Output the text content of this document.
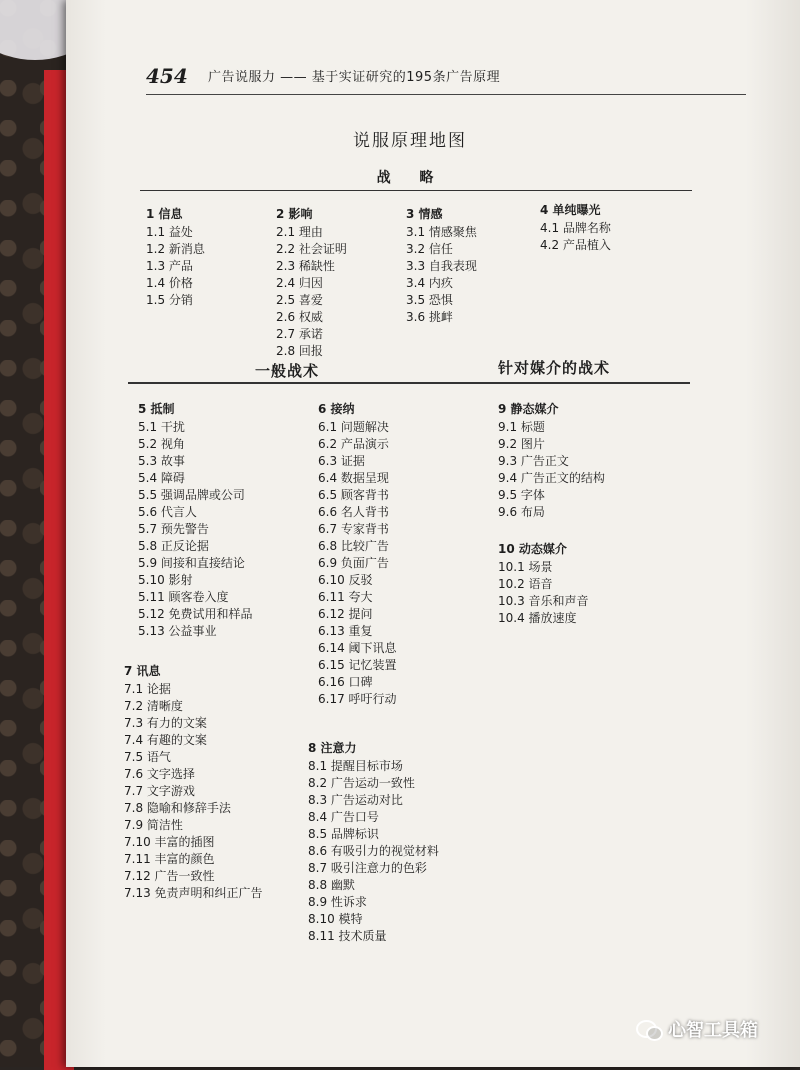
454 广告说服力 —— 基于实证研究的195条广告原理
说服原理地图
战 略
1 信息
1.1 益处
1.2 新消息
1.3 产品
1.4 价格
1.5 分销
2 影响
2.1 理由
2.2 社会证明
2.3 稀缺性
2.4 归因
2.5 喜爱
2.6 权威
2.7 承诺
2.8 回报
3 情感
3.1 情感聚焦
3.2 信任
3.3 自我表现
3.4 内疚
3.5 恐惧
3.6 挑衅
4 单纯曝光
4.1 品牌名称
4.2 产品植入
一般战术	针对媒介的战术
5 抵制
5.1 干扰
5.2 视角
5.3 故事
5.4 障碍
5.5 强调品牌或公司
5.6 代言人
5.7 预先警告
5.8 正反论据
5.9 间接和直接结论
5.10 影射
5.11 顾客卷入度
5.12 免费试用和样品
5.13 公益事业
7 讯息
7.1 论据
7.2 清晰度
7.3 有力的文案
7.4 有趣的文案
7.5 语气
7.6 文字选择
7.7 文字游戏
7.8 隐喻和修辞手法
7.9 简洁性
7.10 丰富的插图
7.11 丰富的颜色
7.12 广告一致性
7.13 免责声明和纠正广告
6 接纳
6.1 问题解决
6.2 产品演示
6.3 证据
6.4 数据呈现
6.5 顾客背书
6.6 名人背书
6.7 专家背书
6.8 比较广告
6.9 负面广告
6.10 反驳
6.11 夸大
6.12 提问
6.13 重复
6.14 阈下讯息
6.15 记忆装置
6.16 口碑
6.17 呼吁行动
8 注意力
8.1 提醒目标市场
8.2 广告运动一致性
8.3 广告运动对比
8.4 广告口号
8.5 品牌标识
8.6 有吸引力的视觉材料
8.7 吸引注意力的色彩
8.8 幽默
8.9 性诉求
8.10 模特
8.11 技术质量
9 静态媒介
9.1 标题
9.2 图片
9.3 广告正文
9.4 广告正文的结构
9.5 字体
9.6 布局
10 动态媒介
10.1 场景
10.2 语音
10.3 音乐和声音
10.4 播放速度
心智工具箱
